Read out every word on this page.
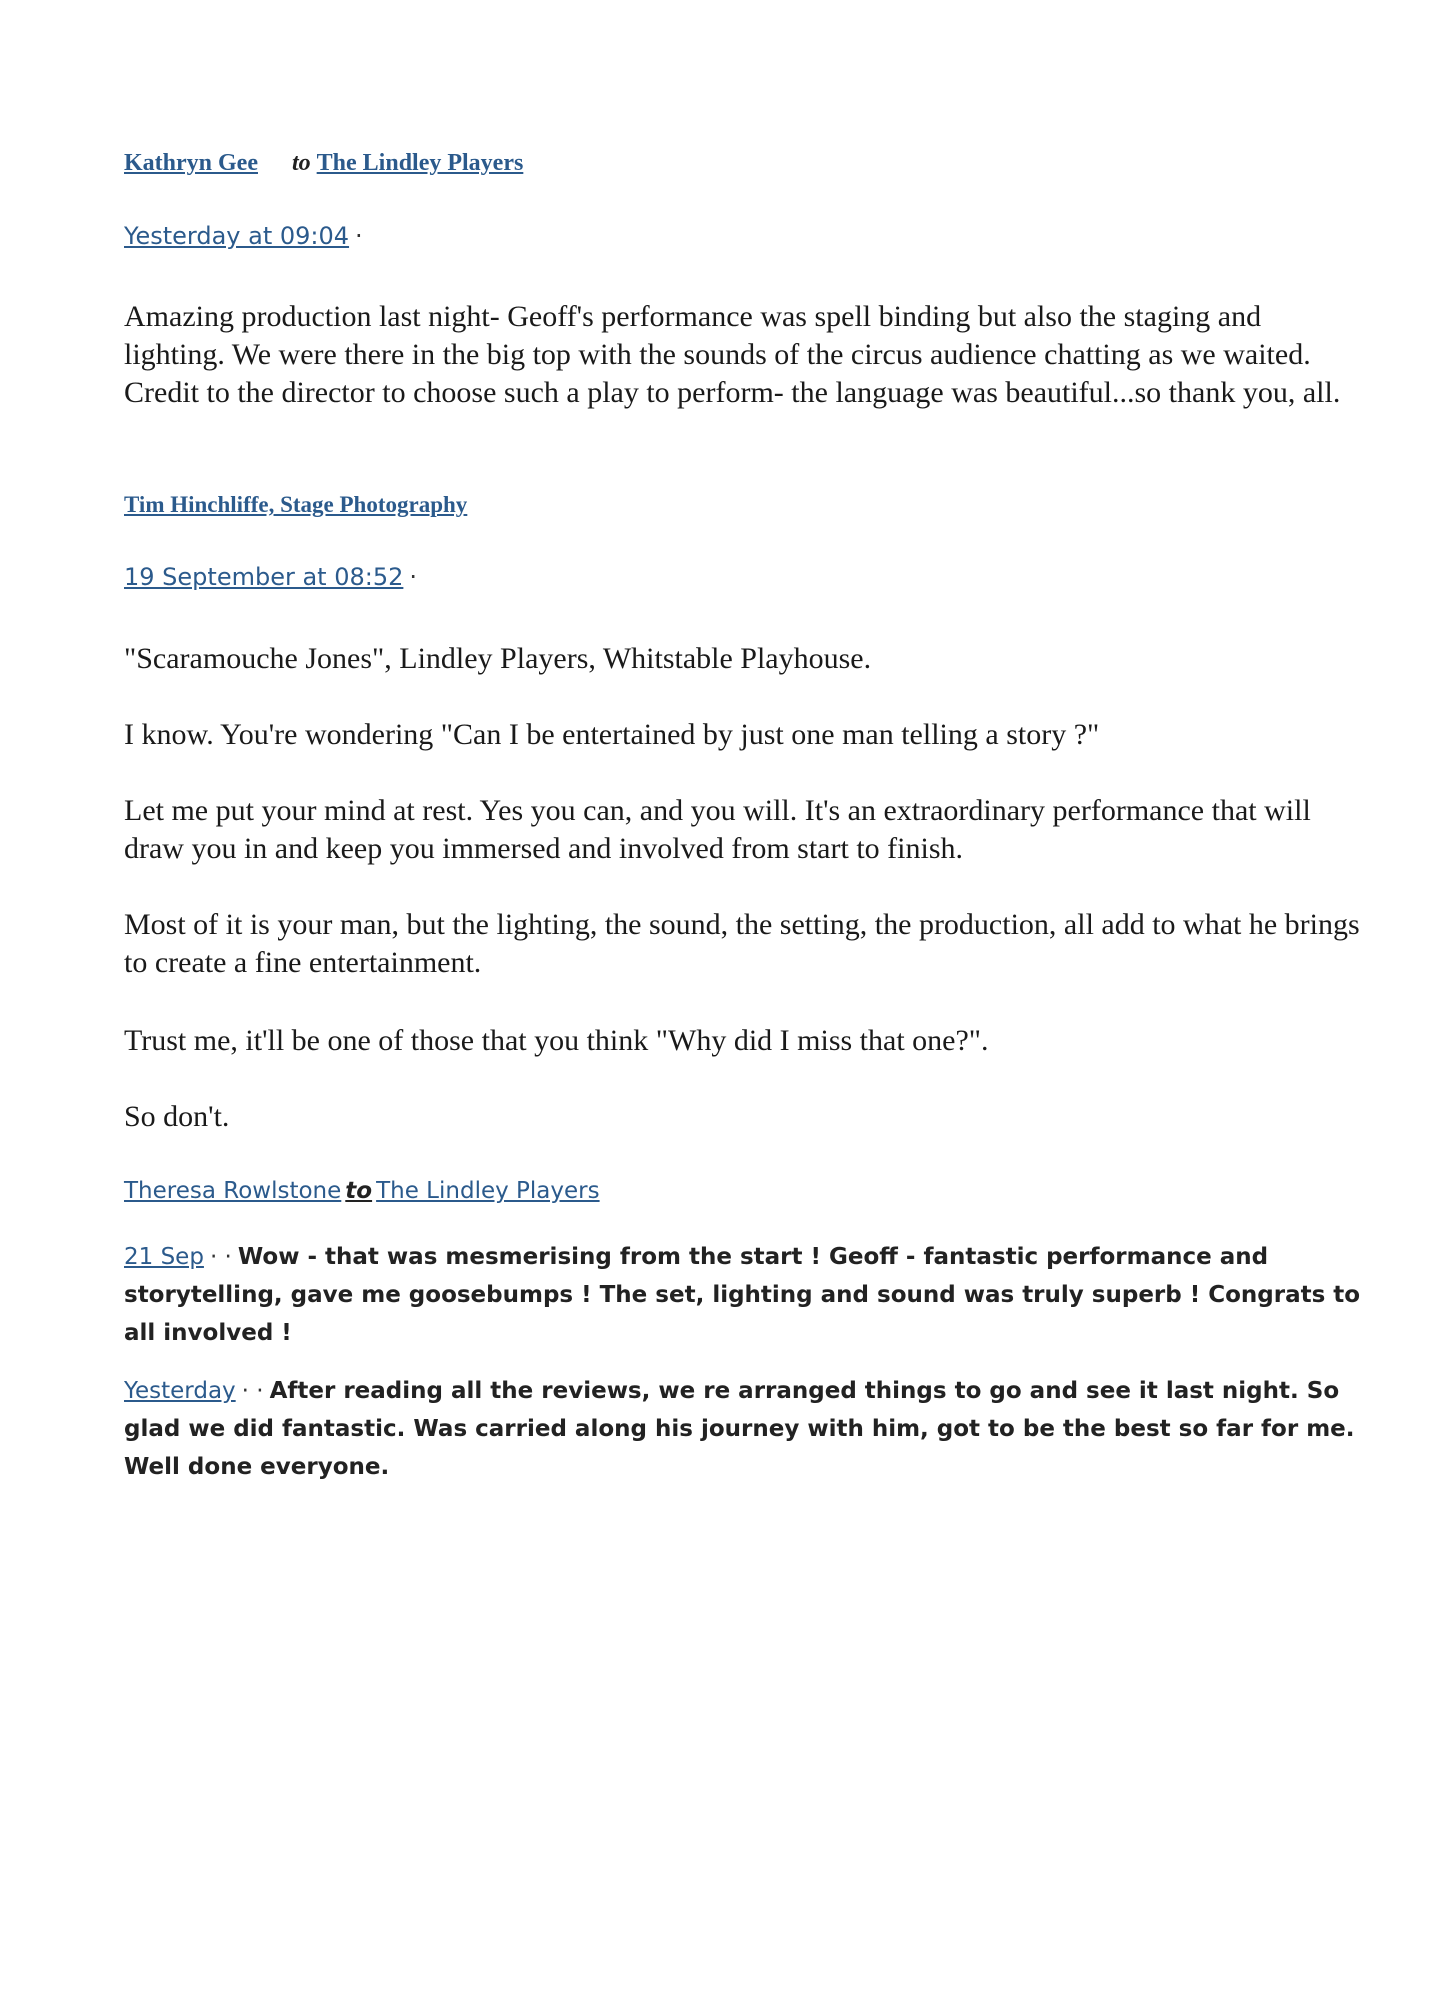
Kathryn Gee to The Lindley Players
Yesterday at 09:04 ·

Amazing production last night- Geoff's performance was spell binding but also the staging and lighting. We were there in the big top with the sounds of the circus audience chatting as we waited. Credit to the director to choose such a play to perform- the language was beautiful...so thank you, all.

Tim Hinchliffe, Stage Photography
19 September at 08:52 ·

"Scaramouche Jones", Lindley Players, Whitstable Playhouse.

I know. You're wondering "Can I be entertained by just one man telling a story ?"

Let me put your mind at rest. Yes you can, and you will. It's an extraordinary performance that will draw you in and keep you immersed and involved from start to finish.

Most of it is your man, but the lighting, the sound, the setting, the production, all add to what he brings to create a fine entertainment.

Trust me, it'll be one of those that you think "Why did I miss that one?".

So don't.

Theresa Rowlstone to The Lindley Players

21 Sep · · Wow - that was mesmerising from the start ! Geoff - fantastic performance and storytelling, gave me goosebumps ! The set, lighting and sound was truly superb ! Congrats to all involved !

Yesterday · · After reading all the reviews, we re arranged things to go and see it last night. So glad we did fantastic. Was carried along his journey with him, got to be the best so far for me. Well done everyone.
